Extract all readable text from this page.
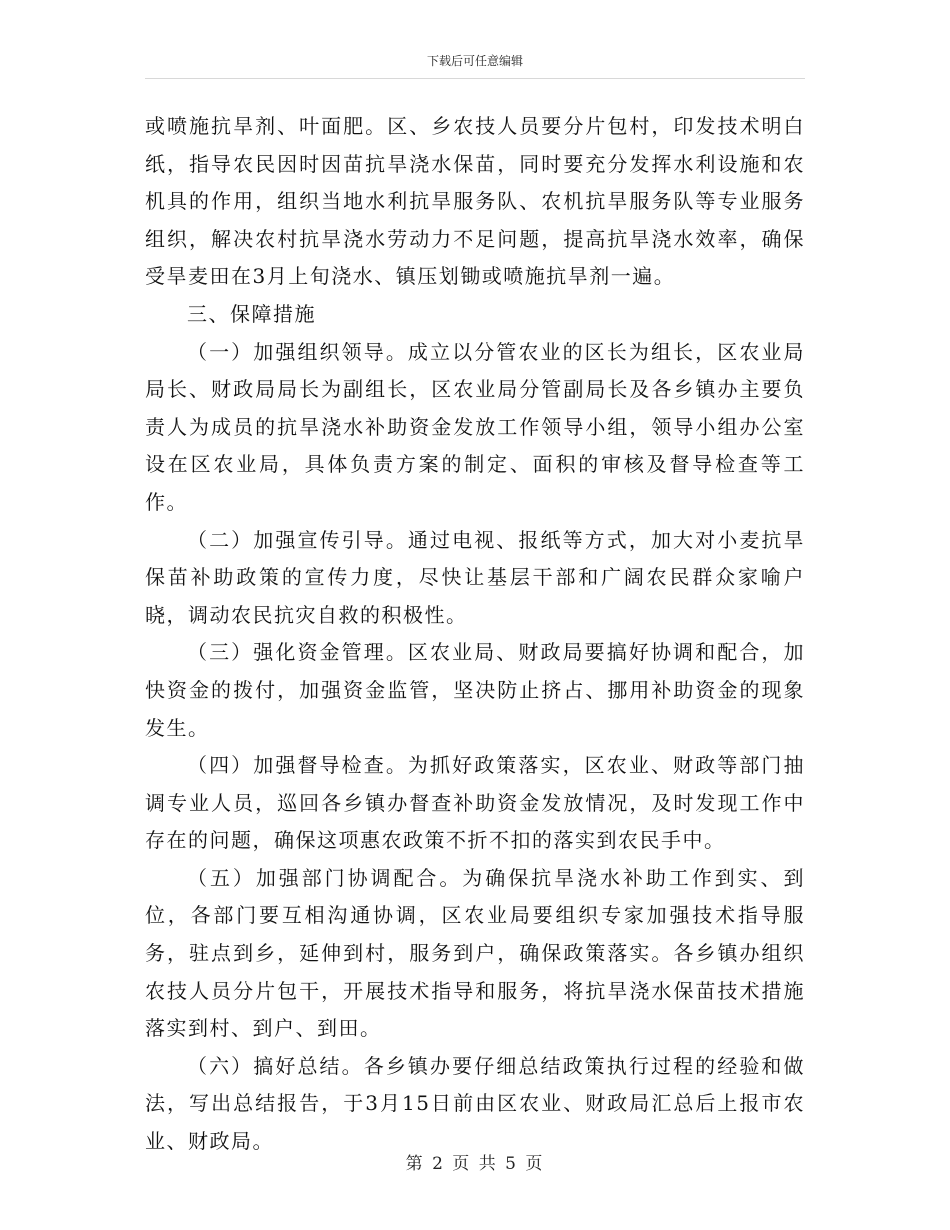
下载后可任意编辑

或喷施抗旱剂、叶面肥。区、乡农技人员要分片包村，印发技术明白纸，指导农民因时因苗抗旱浇水保苗，同时要充分发挥水利设施和农机具的作用，组织当地水利抗旱服务队、农机抗旱服务队等专业服务组织，解决农村抗旱浇水劳动力不足问题，提高抗旱浇水效率，确保受旱麦田在3月上旬浇水、镇压划锄或喷施抗旱剂一遍。

三、保障措施

（一）加强组织领导。成立以分管农业的区长为组长，区农业局局长、财政局局长为副组长，区农业局分管副局长及各乡镇办主要负责人为成员的抗旱浇水补助资金发放工作领导小组，领导小组办公室设在区农业局，具体负责方案的制定、面积的审核及督导检查等工作。

（二）加强宣传引导。通过电视、报纸等方式，加大对小麦抗旱保苗补助政策的宣传力度，尽快让基层干部和广阔农民群众家喻户晓，调动农民抗灾自救的积极性。

（三）强化资金管理。区农业局、财政局要搞好协调和配合，加快资金的拨付，加强资金监管，坚决防止挤占、挪用补助资金的现象发生。

（四）加强督导检查。为抓好政策落实，区农业、财政等部门抽调专业人员，巡回各乡镇办督查补助资金发放情况，及时发现工作中存在的问题，确保这项惠农政策不折不扣的落实到农民手中。

（五）加强部门协调配合。为确保抗旱浇水补助工作到实、到位，各部门要互相沟通协调，区农业局要组织专家加强技术指导服务，驻点到乡，延伸到村，服务到户，确保政策落实。各乡镇办组织农技人员分片包干，开展技术指导和服务，将抗旱浇水保苗技术措施落实到村、到户、到田。

（六）搞好总结。各乡镇办要仔细总结政策执行过程的经验和做法，写出总结报告，于3月15日前由区农业、财政局汇总后上报市农业、财政局。

第 2 页 共 5 页
